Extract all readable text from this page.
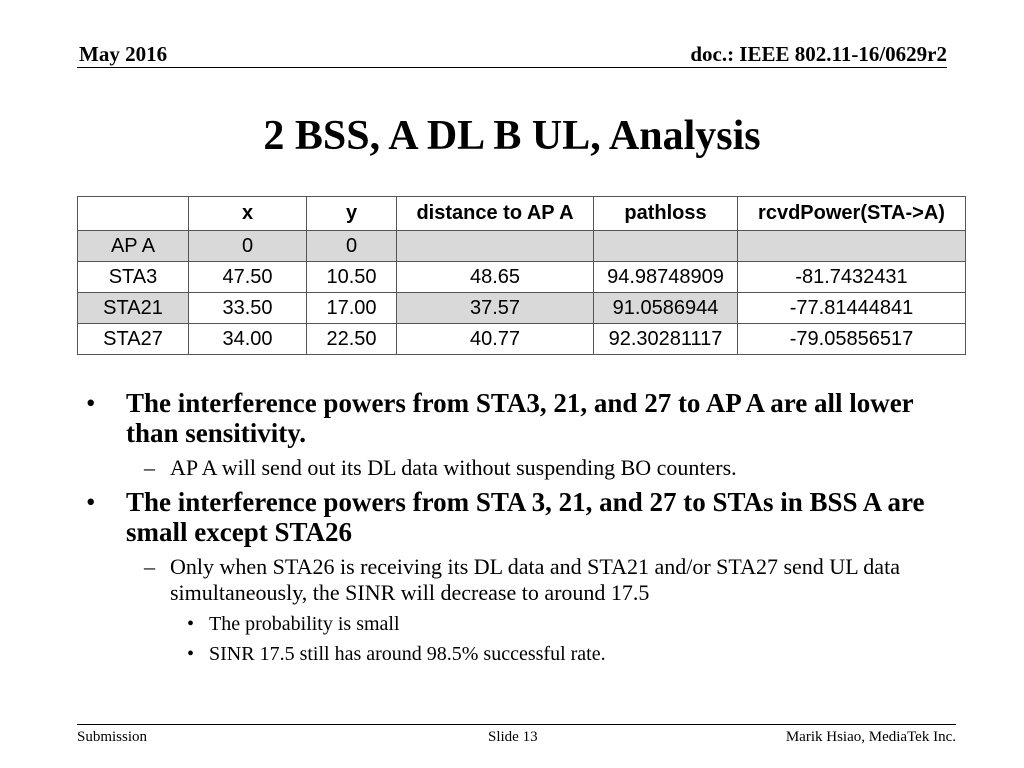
May 2016	doc.: IEEE 802.11-16/0629r2
2 BSS, A DL B UL, Analysis
	x	y	distance to AP A	pathloss	rcvdPower(STA->A)
AP A	0	0			
STA3	47.50	10.50	48.65	94.98748909	-81.7432431
STA21	33.50	17.00	37.57	91.0586944	-77.81444841
STA27	34.00	22.50	40.77	92.30281117	-79.05856517
• The interference powers from STA3, 21, and 27 to AP A are all lower than sensitivity.
– AP A will send out its DL data without suspending BO counters.
• The interference powers from STA 3, 21, and 27 to STAs in BSS A are small except STA26
– Only when STA26 is receiving its DL data and STA21 and/or STA27 send UL data simultaneously, the SINR will decrease to around 17.5
• The probability is small
• SINR 17.5 still has around 98.5% successful rate.
Submission	Slide 13	Marik Hsiao, MediaTek Inc.
